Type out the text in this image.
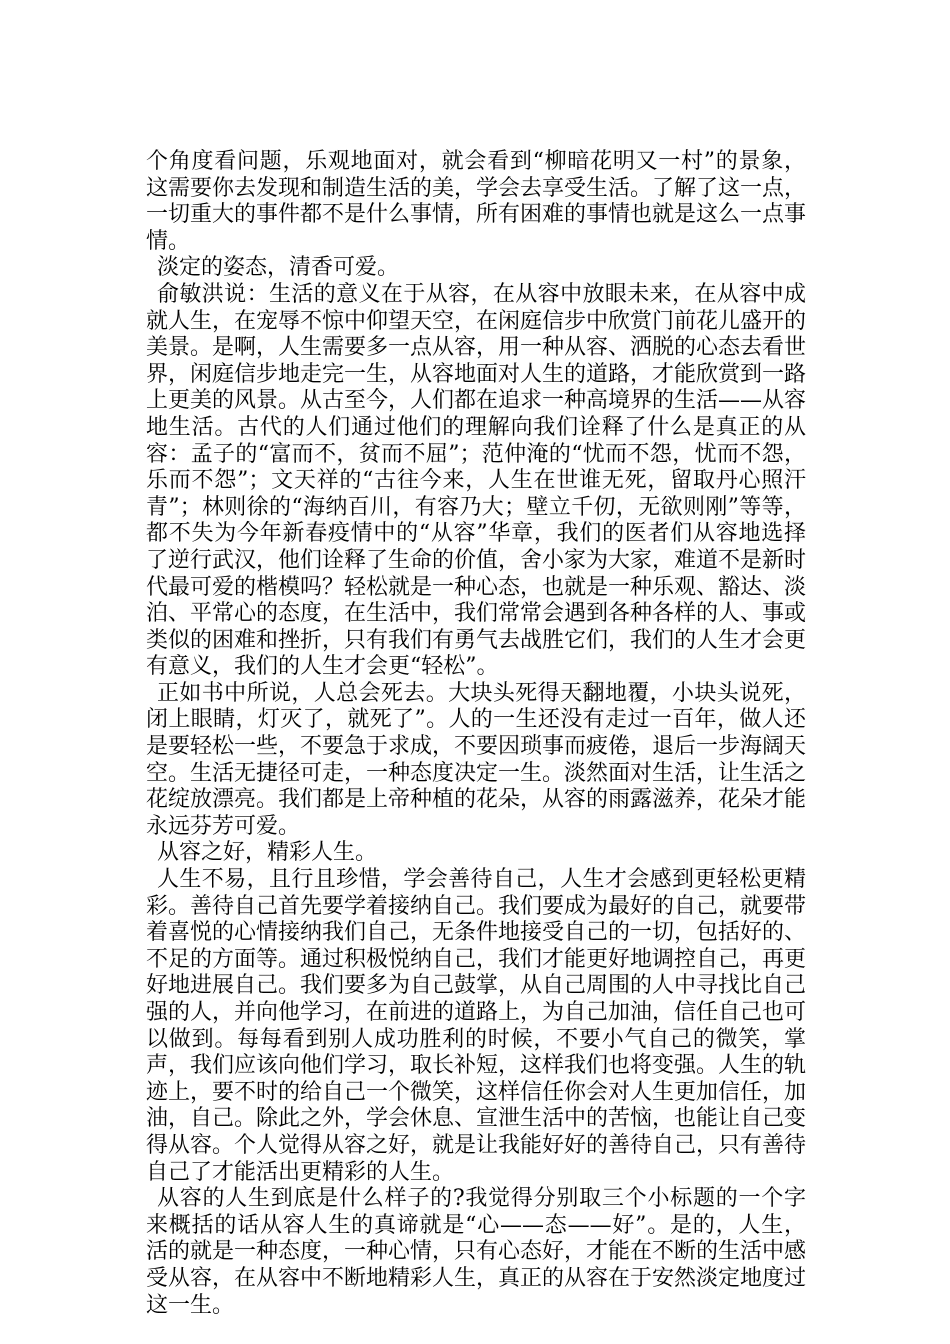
个角度看问题，乐观地面对，就会看到“柳暗花明又一村”的景象，这需要你去发现和制造生活的美，学会去享受生活。了解了这一点，一切重大的事件都不是什么事情，所有困难的事情也就是这么一点事情。

淡定的姿态，清香可爱。

俞敏洪说：生活的意义在于从容，在从容中放眼未来，在从容中成就人生，在宠辱不惊中仰望天空，在闲庭信步中欣赏门前花儿盛开的美景。是啊，人生需要多一点从容，用一种从容、洒脱的心态去看世界，闲庭信步地走完一生，从容地面对人生的道路，才能欣赏到一路上更美的风景。从古至今，人们都在追求一种高境界的生活——从容地生活。古代的人们通过他们的理解向我们诠释了什么是真正的从容：孟子的“富而不，贫而不屈”；范仲淹的“忧而不怨，忧而不怨，乐而不怨”；文天祥的“古往今来，人生在世谁无死，留取丹心照汗青”；林则徐的“海纳百川，有容乃大；壁立千仞，无欲则刚”等等，都不失为今年新春疫情中的“从容”华章，我们的医者们从容地选择了逆行武汉，他们诠释了生命的价值，舍小家为大家，难道不是新时代最可爱的楷模吗？轻松就是一种心态，也就是一种乐观、豁达、淡泊、平常心的态度，在生活中，我们常常会遇到各种各样的人、事或类似的困难和挫折，只有我们有勇气去战胜它们，我们的人生才会更有意义，我们的人生才会更“轻松”。

正如书中所说，人总会死去。大块头死得天翻地覆，小块头说死，闭上眼睛，灯灭了，就死了”。人的一生还没有走过一百年，做人还是要轻松一些，不要急于求成，不要因琐事而疲倦，退后一步海阔天空。生活无捷径可走，一种态度决定一生。淡然面对生活，让生活之花绽放漂亮。我们都是上帝种植的花朵，从容的雨露滋养，花朵才能永远芬芳可爱。

从容之好，精彩人生。

人生不易，且行且珍惜，学会善待自己，人生才会感到更轻松更精彩。善待自己首先要学着接纳自己。我们要成为最好的自己，就要带着喜悦的心情接纳我们自己，无条件地接受自己的一切，包括好的、不足的方面等。通过积极悦纳自己，我们才能更好地调控自己，再更好地进展自己。我们要多为自己鼓掌，从自己周围的人中寻找比自己强的人，并向他学习，在前进的道路上，为自己加油，信任自己也可以做到。每每看到别人成功胜利的时候，不要小气自己的微笑，掌声，我们应该向他们学习，取长补短，这样我们也将变强。人生的轨迹上，要不时的给自己一个微笑，这样信任你会对人生更加信任，加油，自己。除此之外，学会休息、宣泄生活中的苦恼，也能让自己变得从容。个人觉得从容之好，就是让我能好好的善待自己，只有善待自己了才能活出更精彩的人生。

从容的人生到底是什么样子的?我觉得分别取三个小标题的一个字来概括的话从容人生的真谛就是“心——态——好”。是的，人生，活的就是一种态度，一种心情，只有心态好，才能在不断的生活中感受从容，在从容中不断地精彩人生，真正的从容在于安然淡定地度过这一生。
